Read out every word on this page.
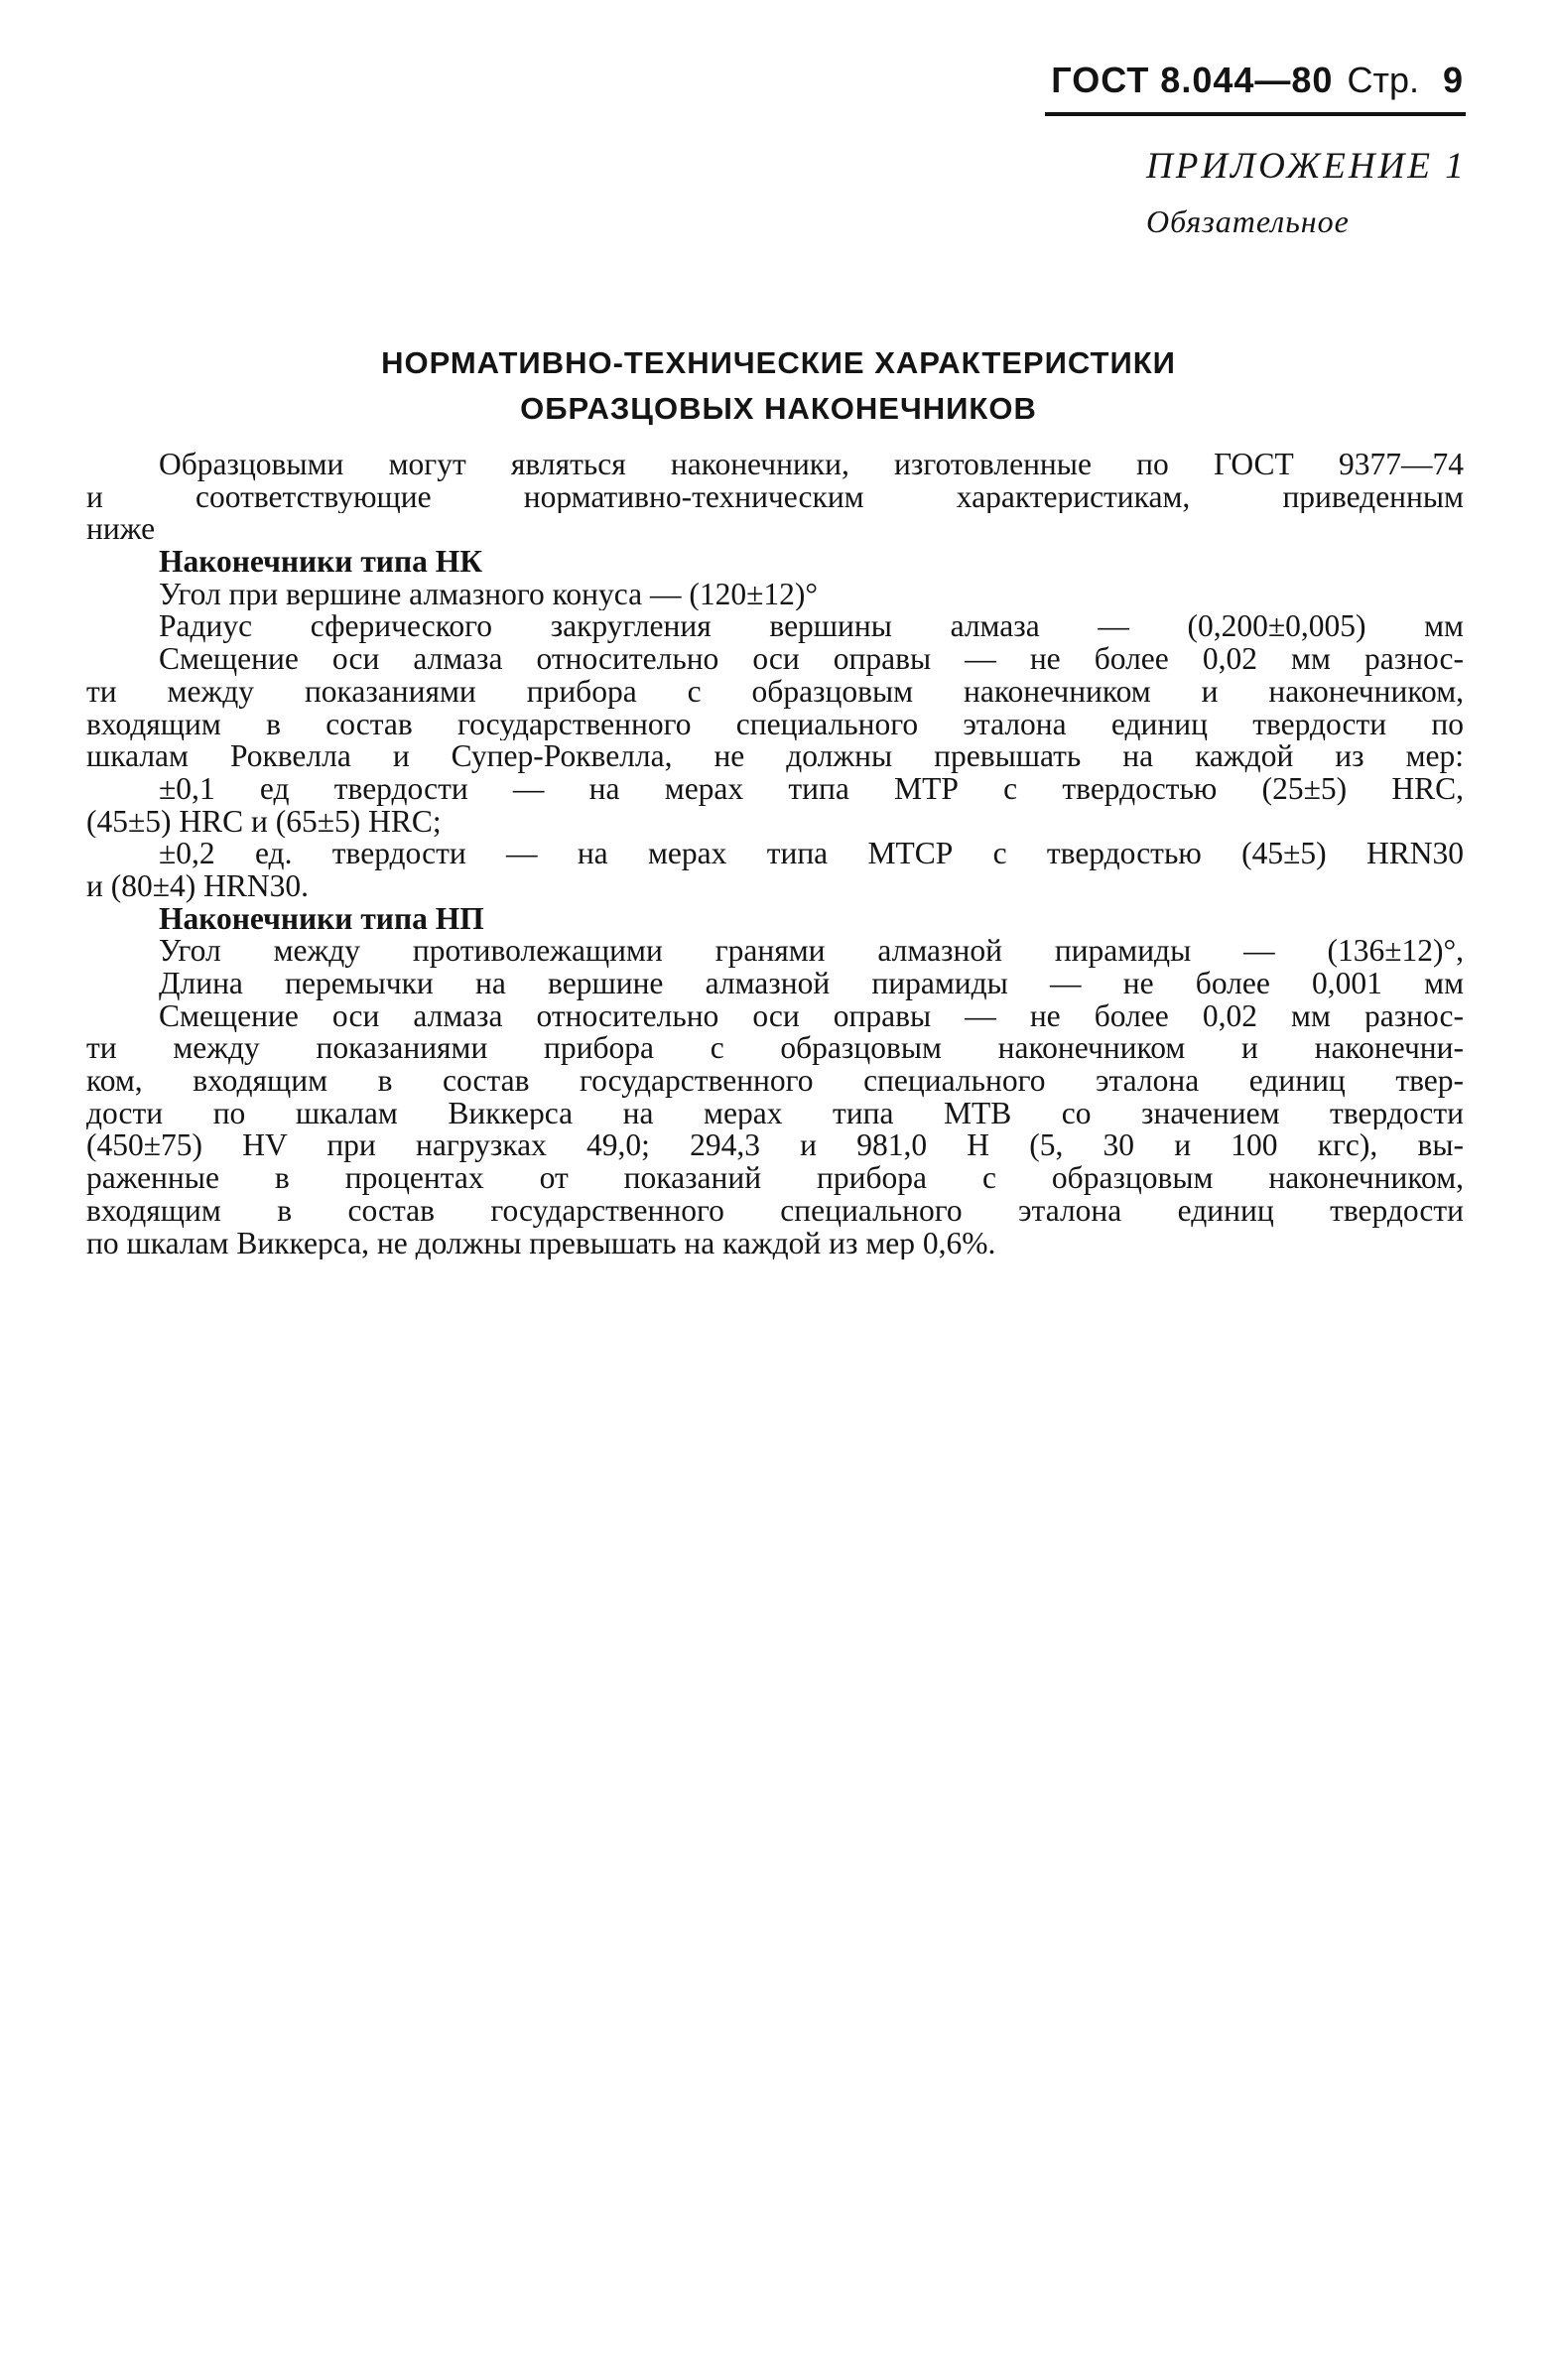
ГОСТ 8.044—80 Стр. 9
ПРИЛОЖЕНИЕ 1
Обязательное
НОРМАТИВНО-ТЕХНИЧЕСКИЕ ХАРАКТЕРИСТИКИ
ОБРАЗЦОВЫХ НАКОНЕЧНИКОВ
Образцовыми могут являться наконечники, изготовленные по ГОСТ 9377—74
и соответствующие нормативно-техническим характеристикам, приведенным
ниже
Наконечники типа НК
Угол при вершине алмазного конуса — (120±12)°
Радиус сферического закругления вершины алмаза — (0,200±0,005) мм
Смещение оси алмаза относительно оси оправы — не более 0,02 мм разнос-
ти между показаниями прибора с образцовым наконечником и наконечником,
входящим в состав государственного специального эталона единиц твердости по
шкалам Роквелла и Супер-Роквелла, не должны превышать на каждой из мер:
±0,1 ед твердости — на мерах типа МТР с твердостью (25±5) HRC,
(45±5) HRC и (65±5) HRC;
±0,2 ед. твердости — на мерах типа МТСР с твердостью (45±5) HRN30
и (80±4) HRN30.
Наконечники типа НП
Угол между противолежащими гранями алмазной пирамиды — (136±12)°,
Длина перемычки на вершине алмазной пирамиды — не более 0,001 мм
Смещение оси алмаза относительно оси оправы — не более 0,02 мм разнос-
ти между показаниями прибора с образцовым наконечником и наконечни-
ком, входящим в состав государственного специального эталона единиц твер-
дости по шкалам Виккерса на мерах типа МТВ со значением твердости
(450±75) HV при нагрузках 49,0; 294,3 и 981,0 Н (5, 30 и 100 кгс), вы-
раженные в процентах от показаний прибора с образцовым наконечником,
входящим в состав государственного специального эталона единиц твердости
по шкалам Виккерса, не должны превышать на каждой из мер 0,6%.
